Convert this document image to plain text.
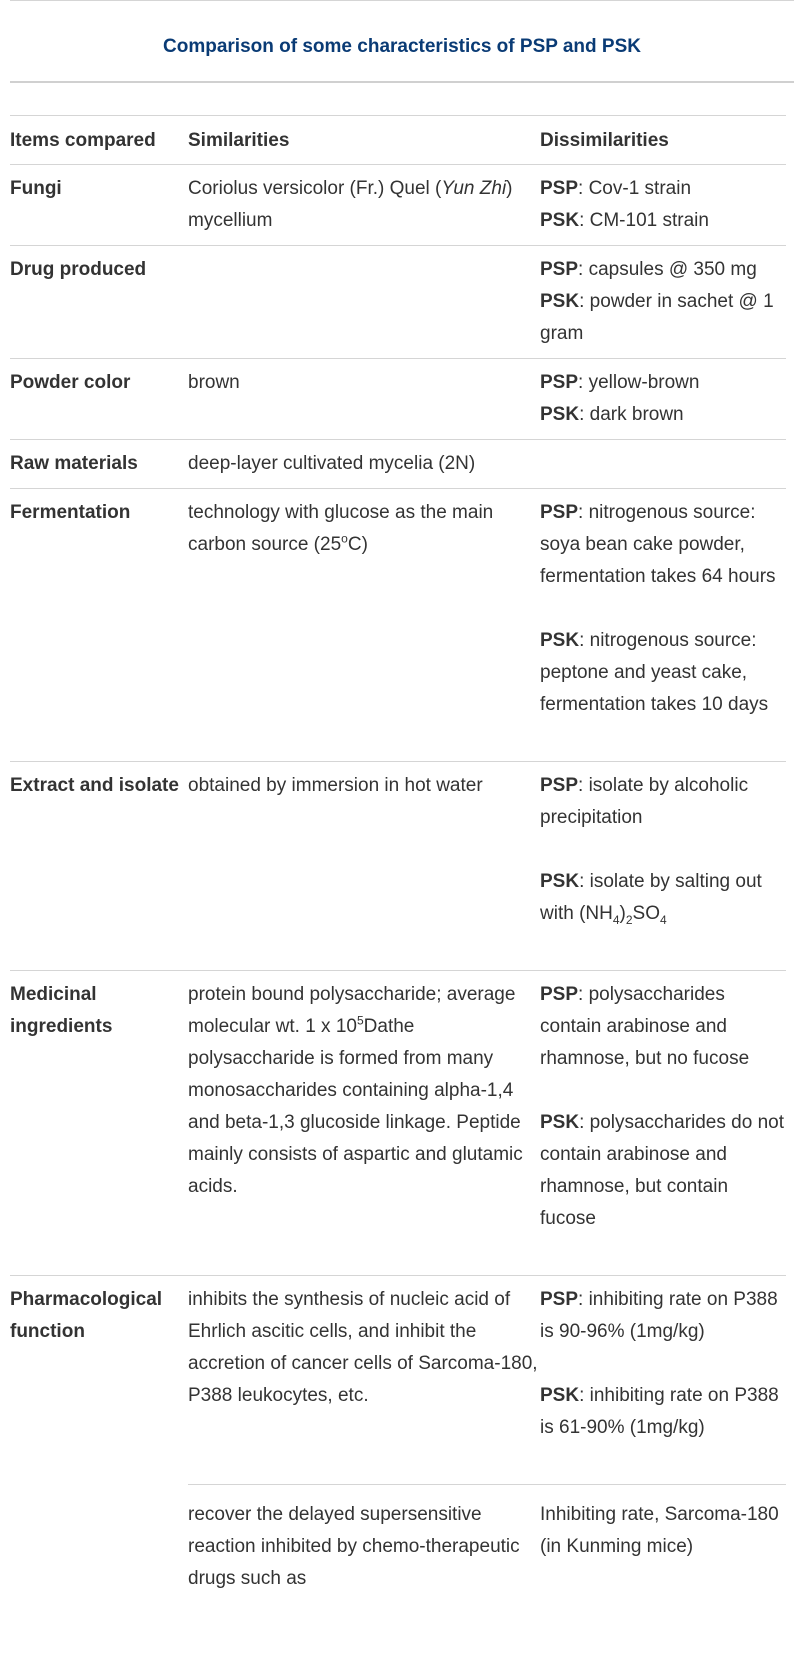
Comparison of some characteristics of PSP and PSK
Items compared	Similarities	Dissimilarities
Fungi	Coriolus versicolor (Fr.) Quel (Yun Zhi) mycellium	PSP: Cov-1 strain
PSK: CM-101 strain

Drug produced		PSP: capsules @ 350 mg
PSK: powder in sachet @ 1 gram

Powder color	brown	PSP: yellow-brown
PSK: dark brown

Raw materials	deep-layer cultivated mycelia (2N)	
Fermentation	technology with glucose as the main carbon source (25$^o$C)	PSP: nitrogenous source: soya bean cake powder, fermentation takes 64 hours
PSK: nitrogenous source: peptone and yeast cake, fermentation takes 10 days

Extract and isolate	obtained by immersion in hot water	PSP: isolate by alcoholic precipitation
PSK: isolate by salting out with $(NH_4)_2SO_4$

Medicinal ingredients	protein bound polysaccharide; average molecular wt. 1 x $10^5Dathe$ polysaccharide is formed from many monosaccharides containing alpha-1,4 and beta-1,3 glucoside linkage. Peptide mainly consists of aspartic and glutamic acids.	PSP: polysaccharides contain arabinose and rhamnose, but no fucose
PSK: polysaccharides do not contain arabinose and rhamnose, but contain fucose

Pharmacological function	inhibits the synthesis of nucleic acid of Ehrlich ascitic cells, and inhibit the accretion of cancer cells of Sarcoma-180, P388 leukocytes, etc.	PSP: inhibiting rate on P388 is 90-96% (1mg/kg)
PSK: inhibiting rate on P388 is 61-90% (1mg/kg)

	recover the delayed supersensitive reaction inhibited by chemo-therapeutic drugs such as	Inhibiting rate, Sarcoma-180 (in Kunming mice)
